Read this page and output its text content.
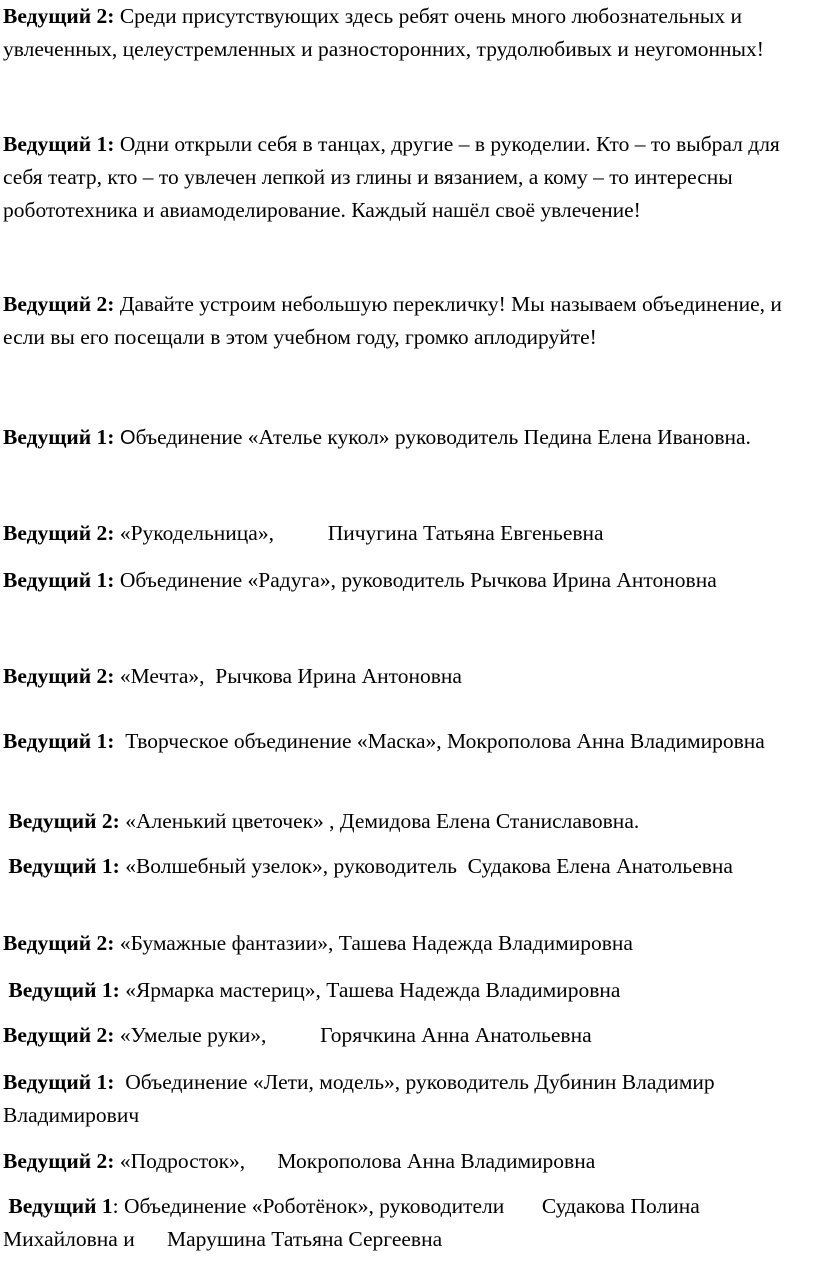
Ведущий 2: Среди присутствующих здесь ребят очень много любознательных и увлеченных, целеустремленных и разносторонних, трудолюбивых и неугомонных!

Ведущий 1: Одни открыли себя в танцах, другие – в рукоделии. Кто – то выбрал для себя театр, кто – то увлечен лепкой из глины и вязанием, а кому – то интересны робототехника и авиамоделирование. Каждый нашёл своё увлечение!

Ведущий 2: Давайте устроим небольшую перекличку! Мы называем объединение, и если вы его посещали в этом учебном году, громко аплодируйте!

Ведущий 1: Объединение «Ателье кукол» руководитель Педина Елена Ивановна.

Ведущий 2: «Рукодельница»,          Пичугина Татьяна Евгеньевна

Ведущий 1: Объединение «Радуга», руководитель Рычкова Ирина Антоновна

Ведущий 2: «Мечта»,  Рычкова Ирина Антоновна

Ведущий 1:  Творческое объединение «Маска», Мокрополова Анна Владимировна

Ведущий 2: «Аленький цветочек» , Демидова Елена Станиславовна.

Ведущий 1: «Волшебный узелок», руководитель  Судакова Елена Анатольевна

Ведущий 2: «Бумажные фантазии», Ташева Надежда Владимировна

Ведущий 1: «Ярмарка мастериц», Ташева Надежда Владимировна

Ведущий 2: «Умелые руки»,          Горячкина Анна Анатольевна

Ведущий 1:  Объединение «Лети, модель», руководитель Дубинин Владимир Владимирович

Ведущий 2: «Подросток»,      Мокрополова Анна Владимировна

Ведущий 1: Объединение «Роботёнок», руководители       Судакова Полина Михайловна и      Марушина Татьяна Сергеевна
